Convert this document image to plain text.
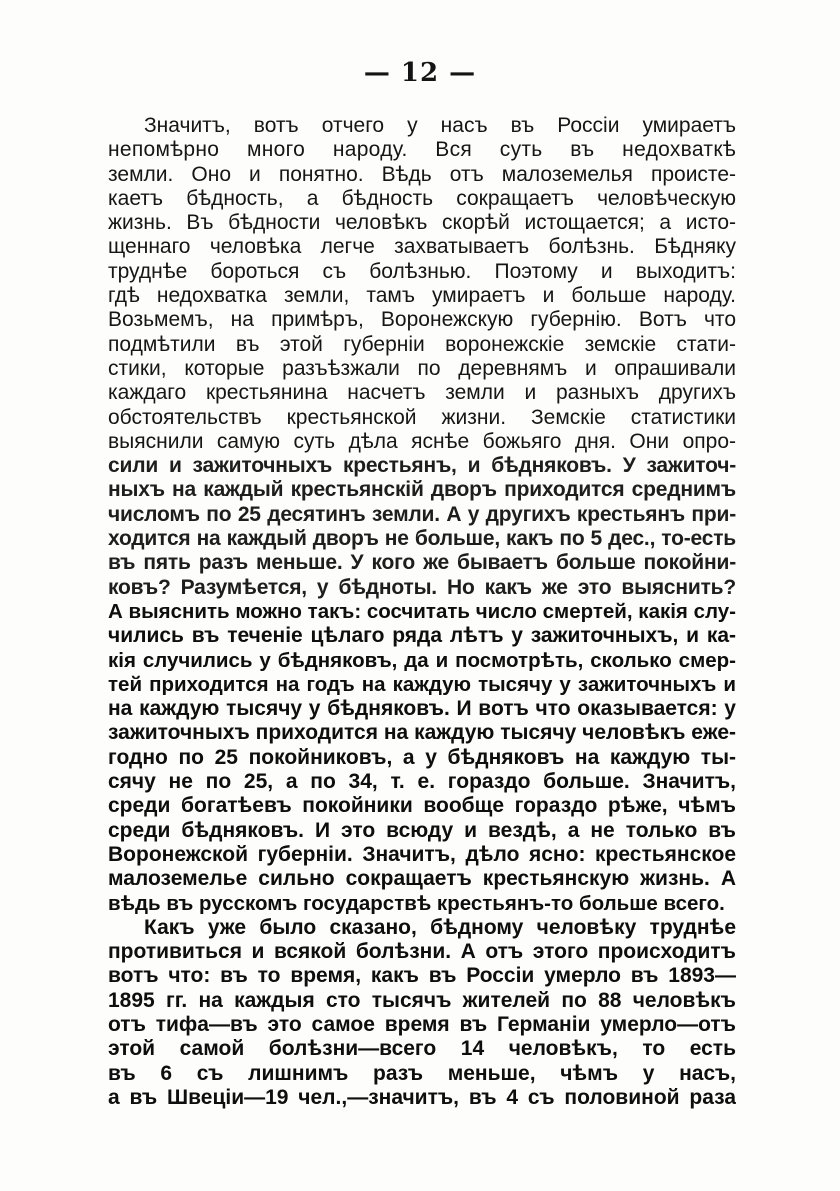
— 12 —
Значитъ, вотъ отчего у насъ въ Россіи умираетъ
непомѣрно много народу. Вся суть въ недохваткѣ
земли. Оно и понятно. Вѣдь отъ малоземелья происте-
каетъ бѣдность, а бѣдность сокращаетъ человѣческую
жизнь. Въ бѣдности человѣкъ скорѣй истощается; а исто-
щеннаго человѣка легче захватываетъ болѣзнь. Бѣдняку
труднѣе бороться съ болѣзнью. Поэтому и выходитъ:
гдѣ недохватка земли, тамъ умираетъ и больше народу.
Возьмемъ, на примѣръ, Воронежскую губернію. Вотъ что
подмѣтили въ этой губерніи воронежскіе земскіе стати-
стики, которые разъѣзжали по деревнямъ и опрашивали
каждаго крестьянина насчетъ земли и разныхъ другихъ
обстоятельствъ крестьянской жизни. Земскіе статистики
выяснили самую суть дѣла яснѣе божьяго дня. Они опро-
сили и зажиточныхъ крестьянъ, и бѣдняковъ. У зажиточ-
ныхъ на каждый крестьянскій дворъ приходится среднимъ
числомъ по 25 десятинъ земли. А у другихъ крестьянъ при-
ходится на каждый дворъ не больше, какъ по 5 дес., то-есть
въ пять разъ меньше. У кого же бываетъ больше покойни-
ковъ? Разумѣется, у бѣдноты. Но какъ же это выяснить?
А выяснить можно такъ: сосчитать число смертей, какія слу-
чились въ теченіе цѣлаго ряда лѣтъ у зажиточныхъ, и ка-
кія случились у бѣдняковъ, да и посмотрѣть, сколько смер-
тей приходится на годъ на каждую тысячу у зажиточныхъ и
на каждую тысячу у бѣдняковъ. И вотъ что оказывается: у
зажиточныхъ приходится на каждую тысячу человѣкъ еже-
годно по 25 покойниковъ, а у бѣдняковъ на каждую ты-
сячу не по 25, а по 34, т. е. гораздо больше. Значитъ,
среди богатѣевъ покойники вообще гораздо рѣже, чѣмъ
среди бѣдняковъ. И это всюду и вездѣ, а не только въ
Воронежской губерніи. Значитъ, дѣло ясно: крестьянское
малоземелье сильно сокращаетъ крестьянскую жизнь. А
вѣдь въ русскомъ государствѣ крестьянъ-то больше всего.
Какъ уже было сказано, бѣдному человѣку труднѣе
противиться и всякой болѣзни. А отъ этого происходитъ
вотъ что: въ то время, какъ въ Россіи умерло въ 1893—
1895 гг. на каждыя сто тысячъ жителей по 88 человѣкъ
отъ тифа—въ это самое время въ Германіи умерло—отъ
этой самой болѣзни—всего 14 человѣкъ, то есть
въ 6 съ лишнимъ разъ меньше, чѣмъ у насъ,
а въ Швеціи—19 чел.,—значитъ, въ 4 съ половиной раза
